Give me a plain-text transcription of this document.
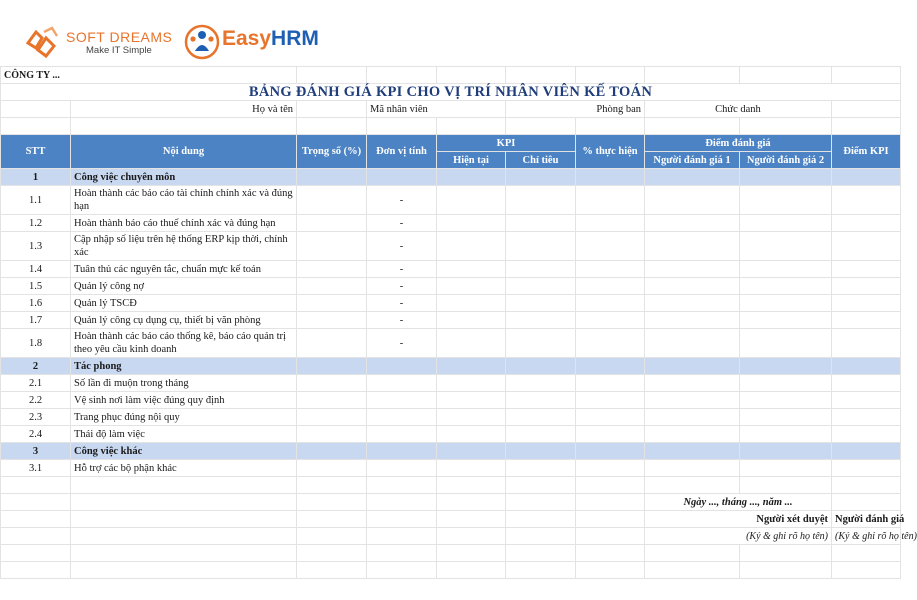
SOFT DREAMS
Make IT Simple
EasyHRM
CÔNG TY ...									
BẢNG ĐÁNH GIÁ KPI CHO VỊ TRÍ NHÂN VIÊN KẾ TOÁN									
	Họ và tên		Mã nhân viên		Phòng ban		Chức danh		

STT	Nội dung	Trọng số (%)	Đơn vị tính	KPI		% thực hiện	Điểm đánh giá		Điểm KPI
				Hiện tại	Chỉ tiêu		Người đánh giá 1	Người đánh giá 2	
1	Công việc chuyên môn								
1.1	Hoàn thành các báo cáo tài chính chính xác và đúng hạn		-						
1.2	Hoàn thành báo cáo thuế chính xác và đúng hạn		-						
1.3	Cập nhập số liệu trên hệ thống ERP kịp thời, chính xác		-						
1.4	Tuân thủ các nguyên tắc, chuẩn mực kế toán		-						
1.5	Quản lý công nợ		-						
1.6	Quản lý TSCĐ		-						
1.7	Quản lý công cụ dụng cụ, thiết bị văn phòng		-						
1.8	Hoàn thành các báo cáo thống kê, báo cáo quản trị theo yêu cầu kinh doanh		-						
2	Tác phong								
2.1	Số lần đi muộn trong tháng								
2.2	Vệ sinh nơi làm việc đúng quy định								
2.3	Trang phục đúng nội quy								
2.4	Thái độ làm việc								
3	Công việc khác								
3.1	Hỗ trợ các bộ phận khác								

							Ngày ..., tháng ..., năm ...		
							Người xét duyệt		Người đánh giá
							(Ký & ghi rõ họ tên)		(Ký & ghi rõ họ tên)
